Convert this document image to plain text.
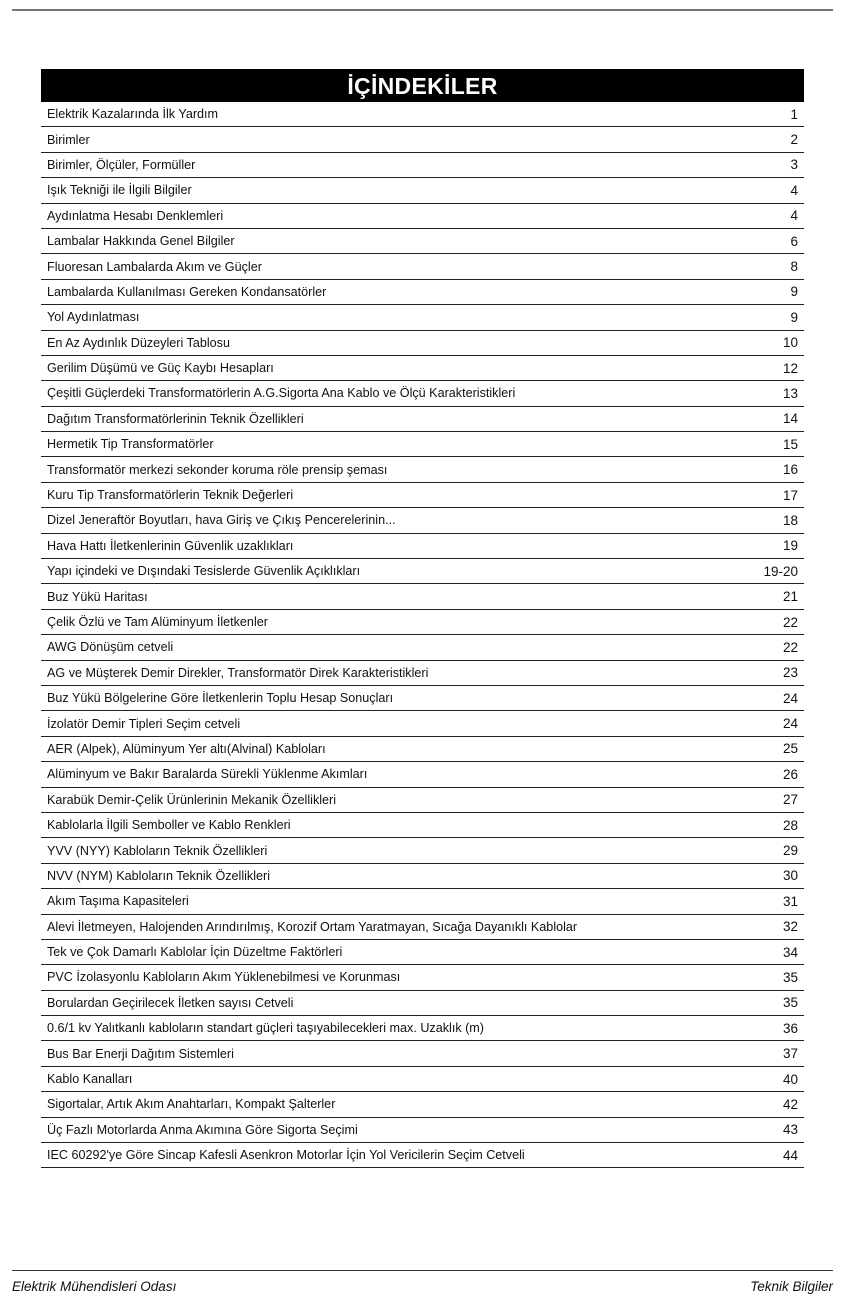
İÇİNDEKİLER
Elektrik Kazalarında İlk Yardım	1
Birimler	2
Birimler, Ölçüler, Formüller	3
Işık Tekniği ile İlgili Bilgiler	4
Aydınlatma Hesabı Denklemleri	4
Lambalar Hakkında Genel Bilgiler	6
Fluoresan Lambalarda Akım ve Güçler	8
Lambalarda Kullanılması Gereken Kondansatörler	9
Yol Aydınlatması	9
En Az Aydınlık Düzeyleri Tablosu	10
Gerilim Düşümü ve Güç Kaybı Hesapları	12
Çeşitli Güçlerdeki Transformatörlerin A.G.Sigorta Ana Kablo ve Ölçü Karakteristikleri	13
Dağıtım Transformatörlerinin Teknik Özellikleri	14
Hermetik Tip Transformatörler	15
Transformatör merkezi sekonder koruma röle prensip şeması	16
Kuru Tip Transformatörlerin Teknik Değerleri	17
Dizel Jeneraftör Boyutları, hava Giriş ve Çıkış Pencerelerinin...	18
Hava Hattı İletkenlerinin Güvenlik uzaklıkları	19
Yapı içindeki ve Dışındaki Tesislerde Güvenlik Açıklıkları	19-20
Buz Yükü Haritası	21
Çelik Özlü ve Tam Alüminyum İletkenler	22
AWG Dönüşüm cetveli	22
AG ve Müşterek Demir Direkler, Transformatör Direk Karakteristikleri	23
Buz Yükü Bölgelerine Göre İletkenlerin Toplu Hesap Sonuçları	24
İzolatör Demir Tipleri Seçim cetveli	24
AER (Alpek), Alüminyum Yer altı(Alvinal) Kabloları	25
Alüminyum ve Bakır Baralarda Sürekli Yüklenme Akımları	26
Karabük Demir-Çelik Ürünlerinin Mekanik Özellikleri	27
Kablolarla İlgili Semboller ve Kablo Renkleri	28
YVV (NYY) Kabloların Teknik Özellikleri	29
NVV (NYM) Kabloların Teknik Özellikleri	30
Akım Taşıma Kapasiteleri	31
Alevi İletmeyen, Halojenden Arındırılmış, Korozif Ortam Yaratmayan, Sıcağa Dayanıklı Kablolar	32
Tek ve Çok Damarlı Kablolar İçin Düzeltme Faktörleri	34
PVC İzolasyonlu Kabloların Akım Yüklenebilmesi ve Korunması	35
Borulardan Geçirilecek İletken sayısı Cetveli	35
0.6/1 kv Yalıtkanlı kabloların standart güçleri taşıyabilecekleri max. Uzaklık (m)	36
Bus Bar Enerji Dağıtım Sistemleri	37
Kablo Kanalları	40
Sigortalar, Artık Akım Anahtarları, Kompakt Şalterler	42
Üç Fazlı Motorlarda Anma Akımına Göre Sigorta Seçimi	43
IEC 60292'ye Göre Sincap Kafesli Asenkron Motorlar İçin Yol Vericilerin Seçim Cetveli	44
Elektrik Mühendisleri Odası	Teknik Bilgiler
